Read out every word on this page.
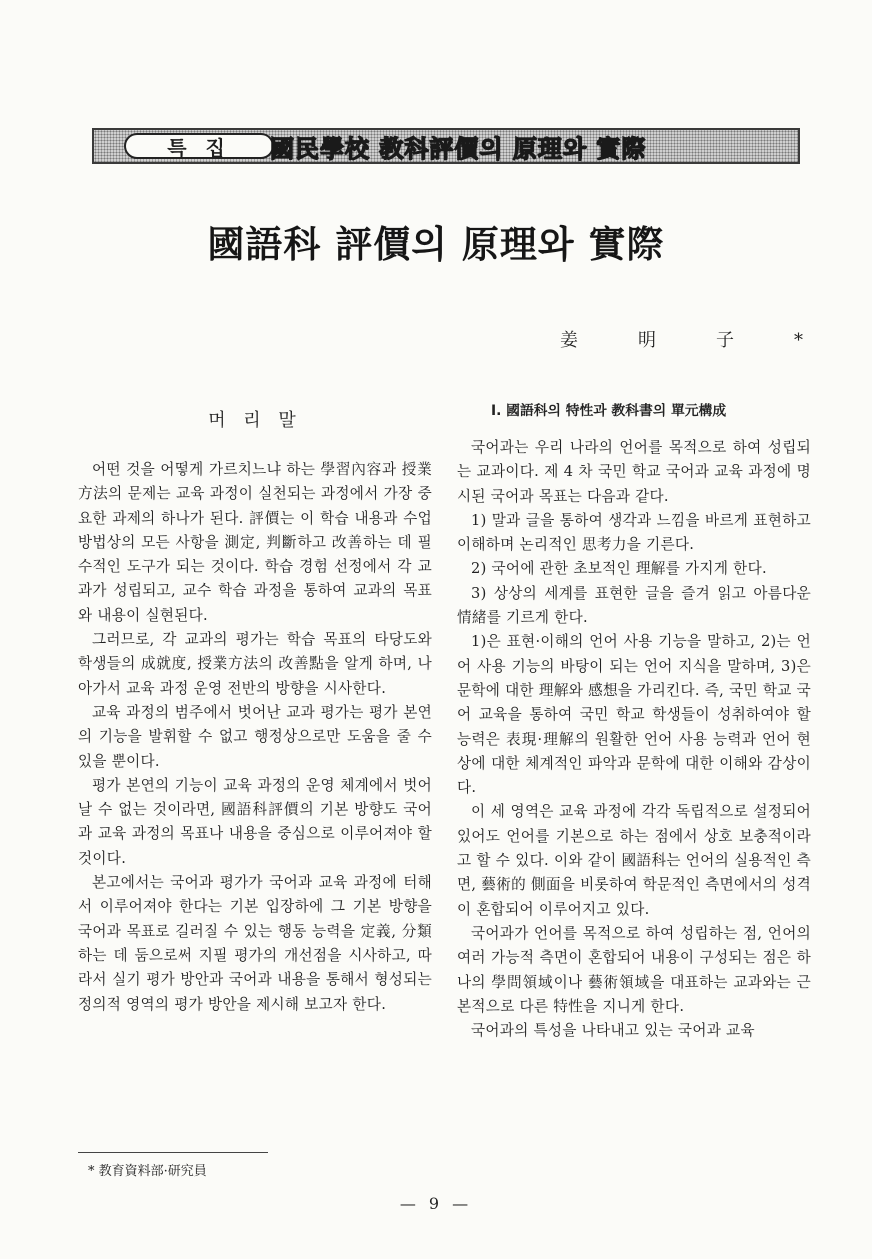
특 집	國民學校 教科評價의 原理와 實際
國語科 評價의 原理와 實際
姜明子*
머 리 말

어떤 것을 어떻게 가르치느냐 하는 學習內容과 授業方法의 문제는 교육 과정이 실천되는 과정에서 가장 중요한 과제의 하나가 된다. 評價는 이 학습 내용과 수업 방법상의 모든 사항을 測定, 判斷하고 改善하는 데 필수적인 도구가 되는 것이다. 학습 경험 선정에서 각 교과가 성립되고, 교수 학습 과정을 통하여 교과의 목표와 내용이 실현된다.

그러므로, 각 교과의 평가는 학습 목표의 타당도와 학생들의 成就度, 授業方法의 改善點을 알게 하며, 나아가서 교육 과정 운영 전반의 방향을 시사한다.

교육 과정의 범주에서 벗어난 교과 평가는 평가 본연의 기능을 발휘할 수 없고 행정상으로만 도움을 줄 수 있을 뿐이다.

평가 본연의 기능이 교육 과정의 운영 체계에서 벗어날 수 없는 것이라면, 國語科評價의 기본 방향도 국어과 교육 과정의 목표나 내용을 중심으로 이루어져야 할 것이다.

본고에서는 국어과 평가가 국어과 교육 과정에 터해서 이루어져야 한다는 기본 입장하에 그 기본 방향을 국어과 목표로 길러질 수 있는 행동 능력을 定義, 分類하는 데 둠으로써 지필 평가의 개선점을 시사하고, 따라서 실기 평가 방안과 국어과 내용을 통해서 형성되는 정의적 영역의 평가 방안을 제시해 보고자 한다.

Ⅰ. 國語科의 特性과 教科書의 單元構成

국어과는 우리 나라의 언어를 목적으로 하여 성립되는 교과이다. 제 4 차 국민 학교 국어과 교육 과정에 명시된 국어과 목표는 다음과 같다.

1) 말과 글을 통하여 생각과 느낌을 바르게 표현하고 이해하며 논리적인 思考力을 기른다.

2) 국어에 관한 초보적인 理解를 가지게 한다.

3) 상상의 세계를 표현한 글을 즐겨 읽고 아름다운 情緒를 기르게 한다.

1)은 표현·이해의 언어 사용 기능을 말하고, 2)는 언어 사용 기능의 바탕이 되는 언어 지식을 말하며, 3)은 문학에 대한 理解와 感想을 가리킨다. 즉, 국민 학교 국어 교육을 통하여 국민 학교 학생들이 성취하여야 할 능력은 表現·理解의 원활한 언어 사용 능력과 언어 현상에 대한 체계적인 파악과 문학에 대한 이해와 감상이다.

이 세 영역은 교육 과정에 각각 독립적으로 설정되어 있어도 언어를 기본으로 하는 점에서 상호 보충적이라고 할 수 있다. 이와 같이 國語科는 언어의 실용적인 측면, 藝術的 側面을 비롯하여 학문적인 측면에서의 성격이 혼합되어 이루어지고 있다.

국어과가 언어를 목적으로 하여 성립하는 점, 언어의 여러 가능적 측면이 혼합되어 내용이 구성되는 점은 하나의 學問領域이나 藝術領域을 대표하는 교과와는 근본적으로 다른 特性을 지니게 한다.

국어과의 특성을 나타내고 있는 국어과 교육

* 教育資料部·研究員
— 9 —
